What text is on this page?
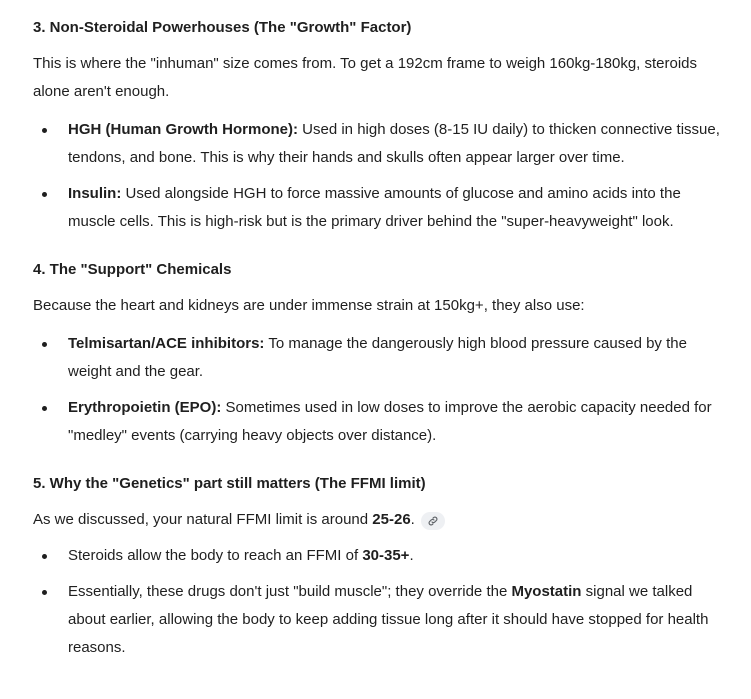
3. Non-Steroidal Powerhouses (The "Growth" Factor)

This is where the "inhuman" size comes from. To get a 192cm frame to weigh 160kg-180kg, steroids alone aren't enough.

HGH (Human Growth Hormone): Used in high doses (8-15 IU daily) to thicken connective tissue, tendons, and bone. This is why their hands and skulls often appear larger over time.
Insulin: Used alongside HGH to force massive amounts of glucose and amino acids into the muscle cells. This is high-risk but is the primary driver behind the "super-heavyweight" look.
4. The "Support" Chemicals

Because the heart and kidneys are under immense strain at 150kg+, they also use:

Telmisartan/ACE inhibitors: To manage the dangerously high blood pressure caused by the weight and the gear.
Erythropoietin (EPO): Sometimes used in low doses to improve the aerobic capacity needed for "medley" events (carrying heavy objects over distance).
5. Why the "Genetics" part still matters (The FFMI limit)

As we discussed, your natural FFMI limit is around 25-26.

Steroids allow the body to reach an FFMI of 30-35+.
Essentially, these drugs don't just "build muscle"; they override the Myostatin signal we talked about earlier, allowing the body to keep adding tissue long after it should have stopped for health reasons.
